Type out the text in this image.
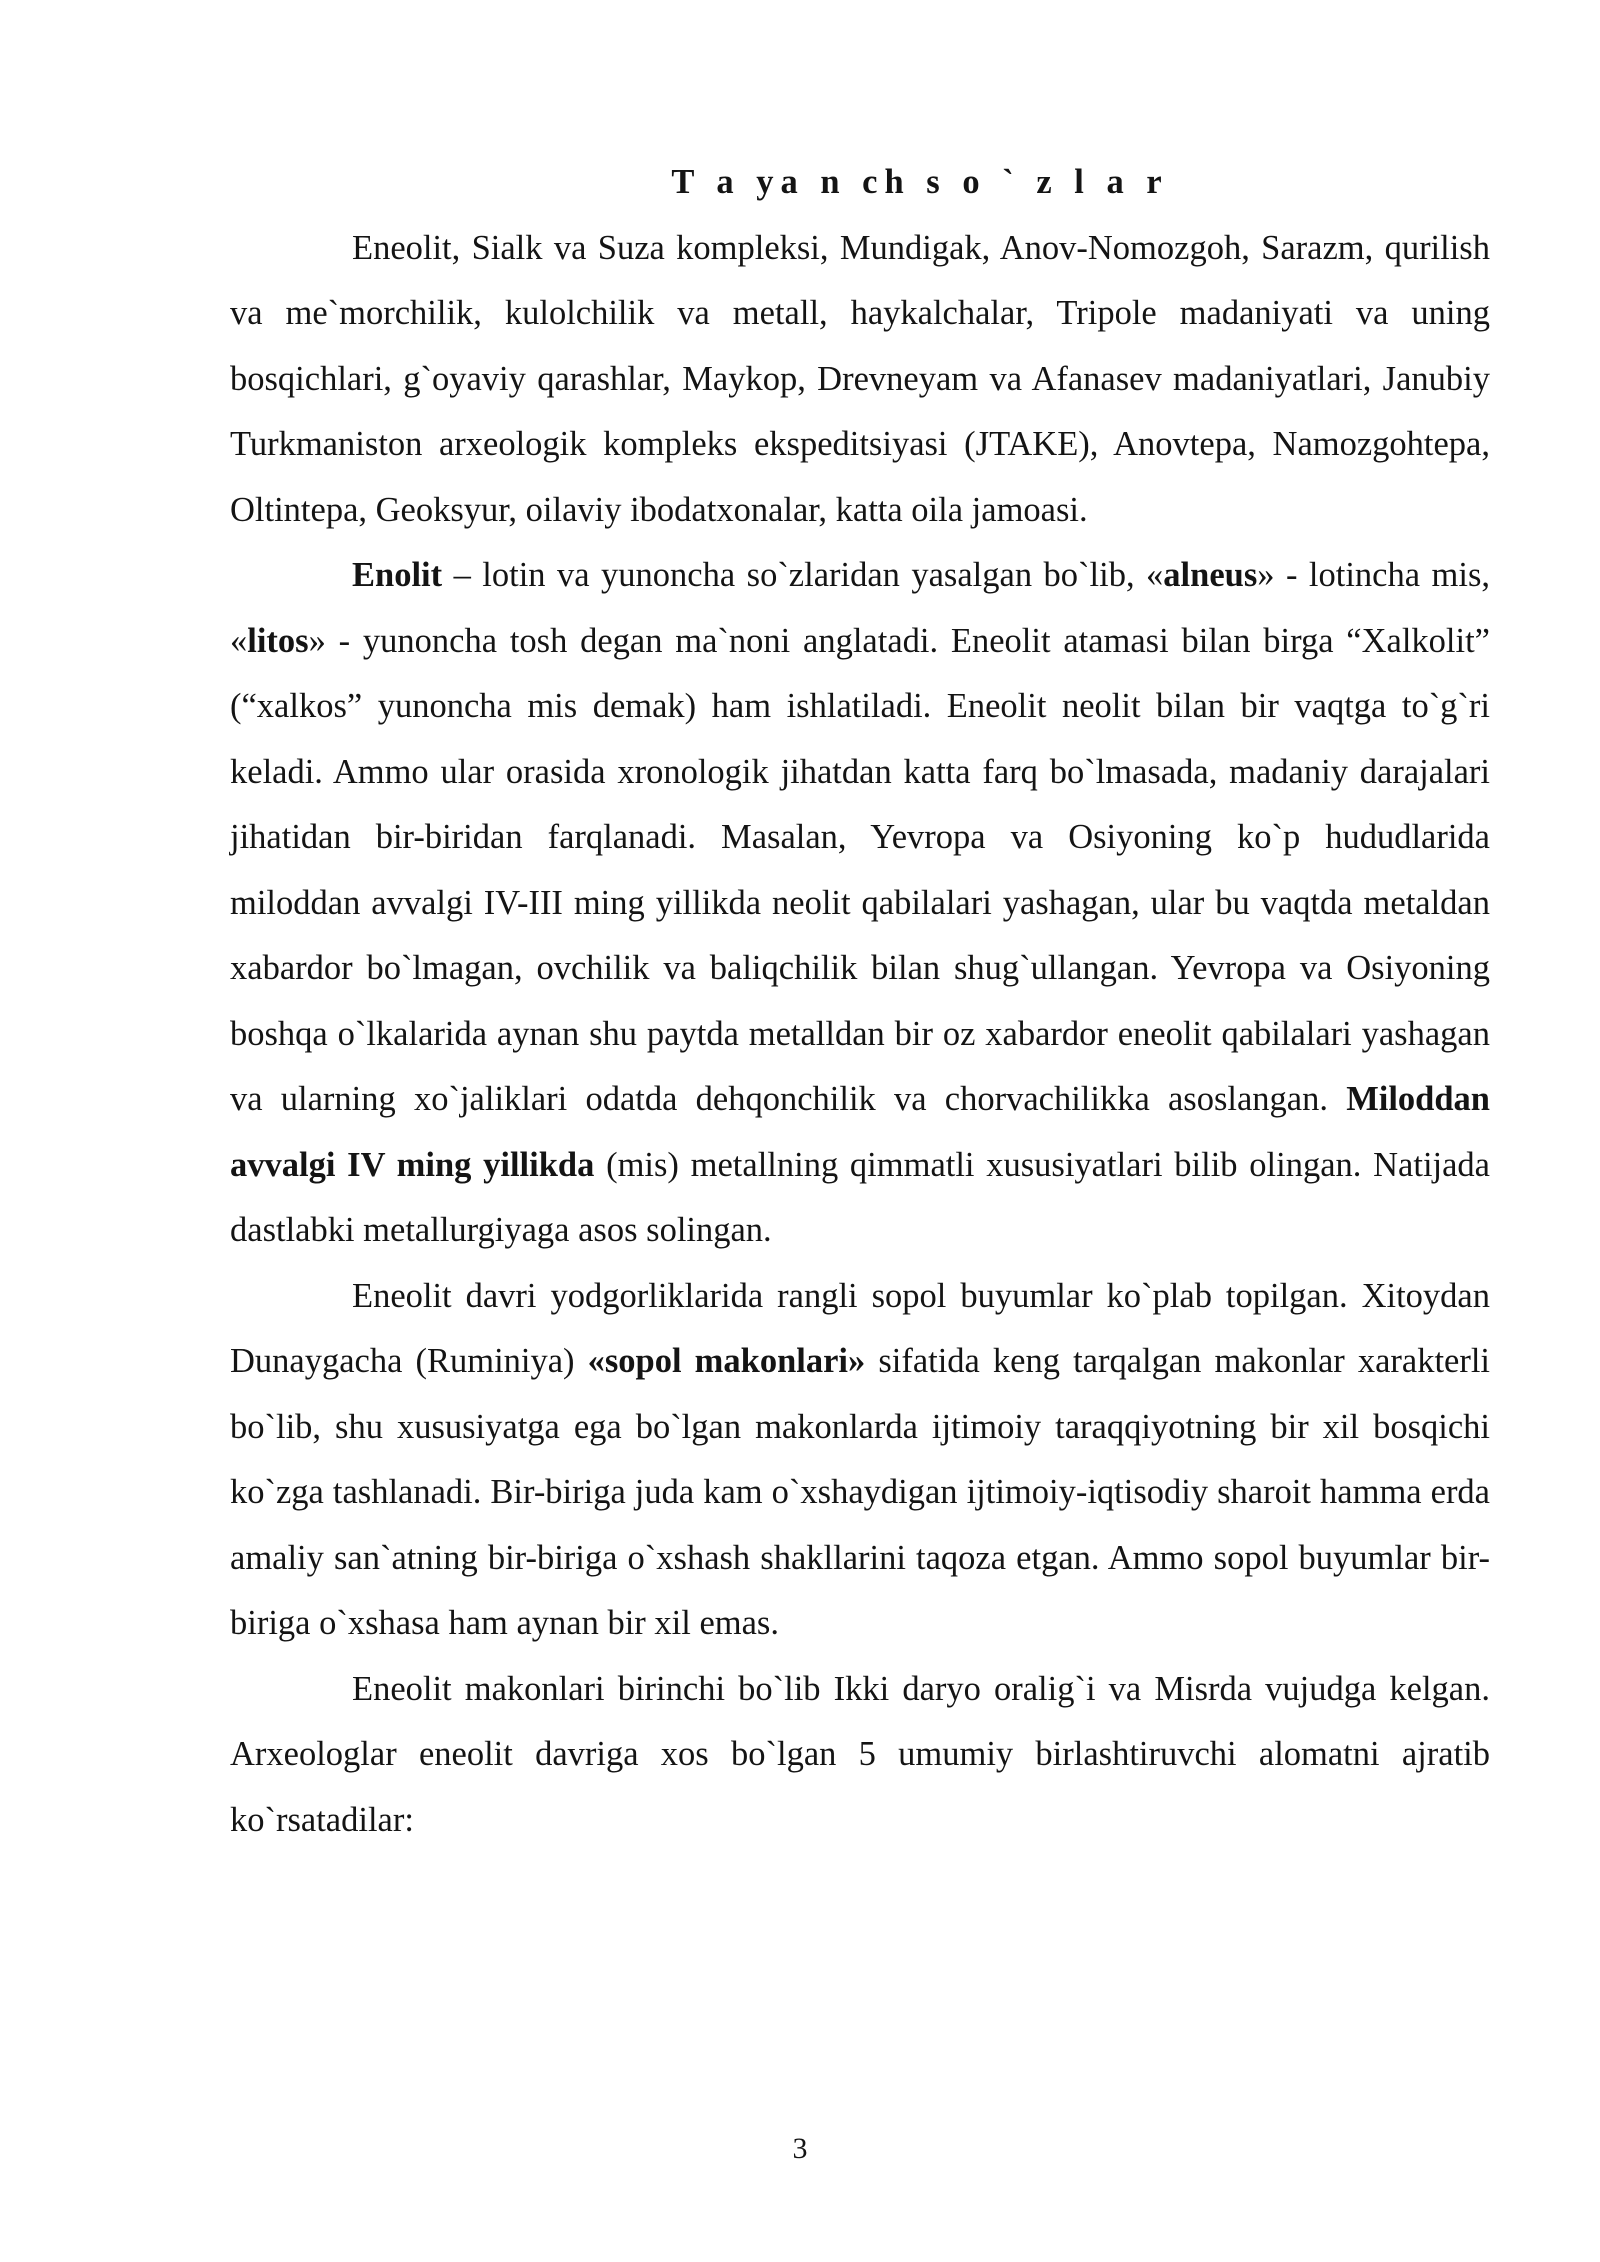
T a ya n ch s o ` z l a r

Eneolit, Sialk va Suza kompleksi, Mundigak, Anov-Nomozgoh, Sarazm, qurilish va me`morchilik, kulolchilik va metall, haykalchalar, Tripole madaniyati va uning bosqichlari, g`oyaviy qarashlar, Maykop, Drevneyam va Afanasev madaniyatlari, Janubiy Turkmaniston arxeologik kompleks ekspeditsiyasi (JTAKE), Anovtepa, Namozgohtepa, Oltintepa, Geoksyur, oilaviy ibodatxonalar, katta oila jamoasi.

Enolit – lotin va yunoncha so`zlaridan yasalgan bo`lib, «alneus» - lotincha mis, «litos» - yunoncha tosh degan ma`noni anglatadi. Eneolit atamasi bilan birga “Xalkolit” (“xalkos” yunoncha mis demak) ham ishlatiladi. Eneolit neolit bilan bir vaqtga to`g`ri keladi. Ammo ular orasida xronologik jihatdan katta farq bo`lmasada, madaniy darajalari jihatidan bir-biridan farqlanadi. Masalan, Yevropa va Osiyoning ko`p hududlarida miloddan avvalgi IV-III ming yillikda neolit qabilalari yashagan, ular bu vaqtda metaldan xabardor bo`lmagan, ovchilik va baliqchilik bilan shug`ullangan. Yevropa va Osiyoning boshqa o`lkalarida aynan shu paytda metalldan bir oz xabardor eneolit qabilalari yashagan va ularning xo`jaliklari odatda dehqonchilik va chorvachilikka asoslangan. Miloddan avvalgi IV ming yillikda (mis) metallning qimmatli xususiyatlari bilib olingan. Natijada dastlabki metallurgiyaga asos solingan.

Eneolit davri yodgorliklarida rangli sopol buyumlar ko`plab topilgan. Xitoydan Dunaygacha (Ruminiya) «sopol makonlari» sifatida keng tarqalgan makonlar xarakterli bo`lib, shu xususiyatga ega bo`lgan makonlarda ijtimoiy taraqqiyotning bir xil bosqichi ko`zga tashlanadi. Bir-biriga juda kam o`xshaydigan ijtimoiy-iqtisodiy sharoit hamma erda amaliy san`atning bir-biriga o`xshash shakllarini taqoza etgan. Ammo sopol buyumlar bir-biriga o`xshasa ham aynan bir xil emas.

Eneolit makonlari birinchi bo`lib Ikki daryo oralig`i va Misrda vujudga kelgan. Arxeologlar eneolit davriga xos bo`lgan 5 umumiy birlashtiruvchi alomatni ajratib ko`rsatadilar:

3
